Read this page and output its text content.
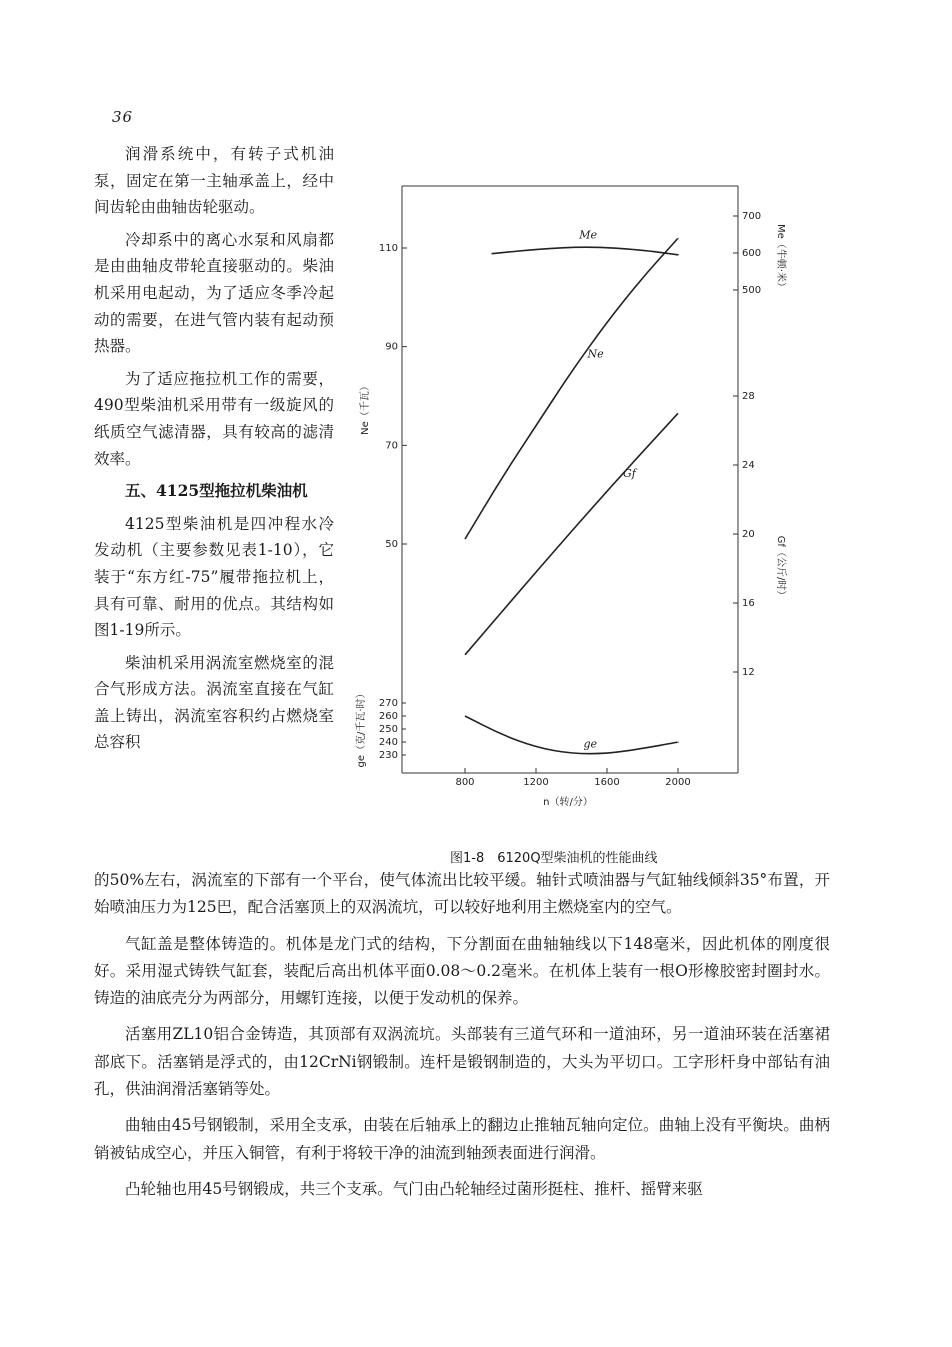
36

润滑系统中，有转子式机油泵，固定在第一主轴承盖上，经中间齿轮由曲轴齿轮驱动。

冷却系中的离心水泵和风扇都是由曲轴皮带轮直接驱动的。柴油机采用电起动，为了适应冬季冷起动的需要，在进气管内装有起动预热器。

为了适应拖拉机工作的需要，490型柴油机采用带有一级旋风的纸质空气滤清器，具有较高的滤清效率。

五、4125型拖拉机柴油机

4125型柴油机是四冲程水冷发动机（主要参数见表1-10），它装于“东方红-75”履带拖拉机上，具有可靠、耐用的优点。其结构如图1-19所示。

柴油机采用涡流室燃烧室的混合气形成方法。涡流室直接在气缸盖上铸出，涡流室容积约占燃烧室总容积

800	1200	1600	2000
n（转/分）
110
90
70
50
Ne（千瓦）
270
260
250
240
230
ge（克/千瓦·时）
700
600
500 Me（牛顿·米）
28
24
20
16
12
Gf（公斤/时）
Me
Ne
Gf
ge
图1-8　6120Q型柴油机的性能曲线

的50%左右，涡流室的下部有一个平台，使气体流出比较平缓。轴针式喷油器与气缸轴线倾斜35°布置，开始喷油压力为125巴，配合活塞顶上的双涡流坑，可以较好地利用主燃烧室内的空气。

气缸盖是整体铸造的。机体是龙门式的结构，下分割面在曲轴轴线以下148毫米，因此机体的刚度很好。采用湿式铸铁气缸套，装配后高出机体平面0.08～0.2毫米。在机体上装有一根O形橡胶密封圈封水。铸造的油底壳分为两部分，用螺钉连接，以便于发动机的保养。

活塞用ZL10铝合金铸造，其顶部有双涡流坑。头部装有三道气环和一道油环，另一道油环装在活塞裙部底下。活塞销是浮式的，由12CrNi钢锻制。连杆是锻钢制造的，大头为平切口。工字形杆身中部钻有油孔，供油润滑活塞销等处。

曲轴由45号钢锻制，采用全支承，由装在后轴承上的翻边止推轴瓦轴向定位。曲轴上没有平衡块。曲柄销被钻成空心，并压入铜管，有利于将较干净的油流到轴颈表面进行润滑。

凸轮轴也用45号钢锻成，共三个支承。气门由凸轮轴经过菌形挺柱、推杆、摇臂来驱
